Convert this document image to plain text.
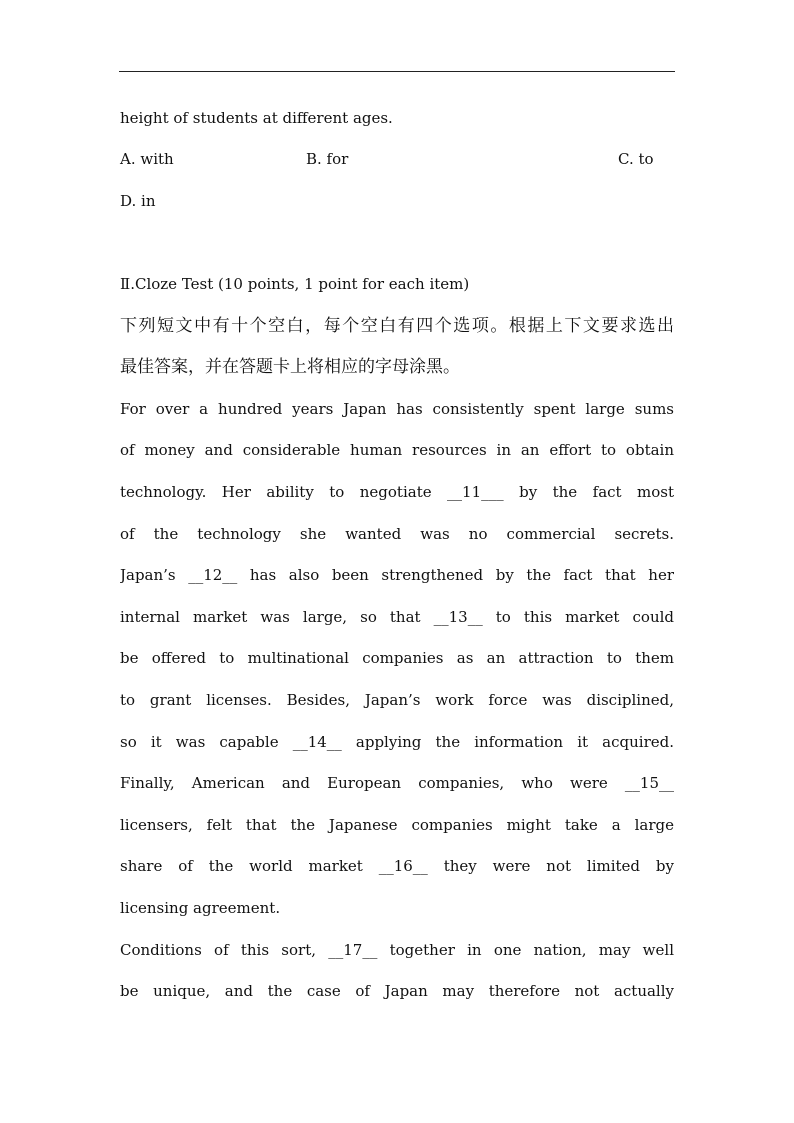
height of students at different ages.
A. with	B. for	C. to
D. in
Ⅱ.Cloze Test (10 points, 1 point for each item)
下列短文中有十个空白，每个空白有四个选项。根据上下文要求选出
最佳答案，并在答题卡上将相应的字母涂黑。
For over a hundred years Japan has consistently spent large sums
of money and considerable human resources in an effort to obtain
technology. Her ability to negotiate __11___ by the fact most
of the technology she wanted was no commercial secrets.
Japan’s __12__ has also been strengthened by the fact that her
internal market was large, so that __13__ to this market could
be offered to multinational companies as an attraction to them
to grant licenses. Besides, Japan’s work force was disciplined,
so it was capable __14__ applying the information it acquired.
Finally, American and European companies, who were __15__
licensers, felt that the Japanese companies might take a large
share of the world market __16__ they were not limited by
licensing agreement.
Conditions of this sort, __17__ together in one nation, may well
be unique, and the case of Japan may therefore not actually
